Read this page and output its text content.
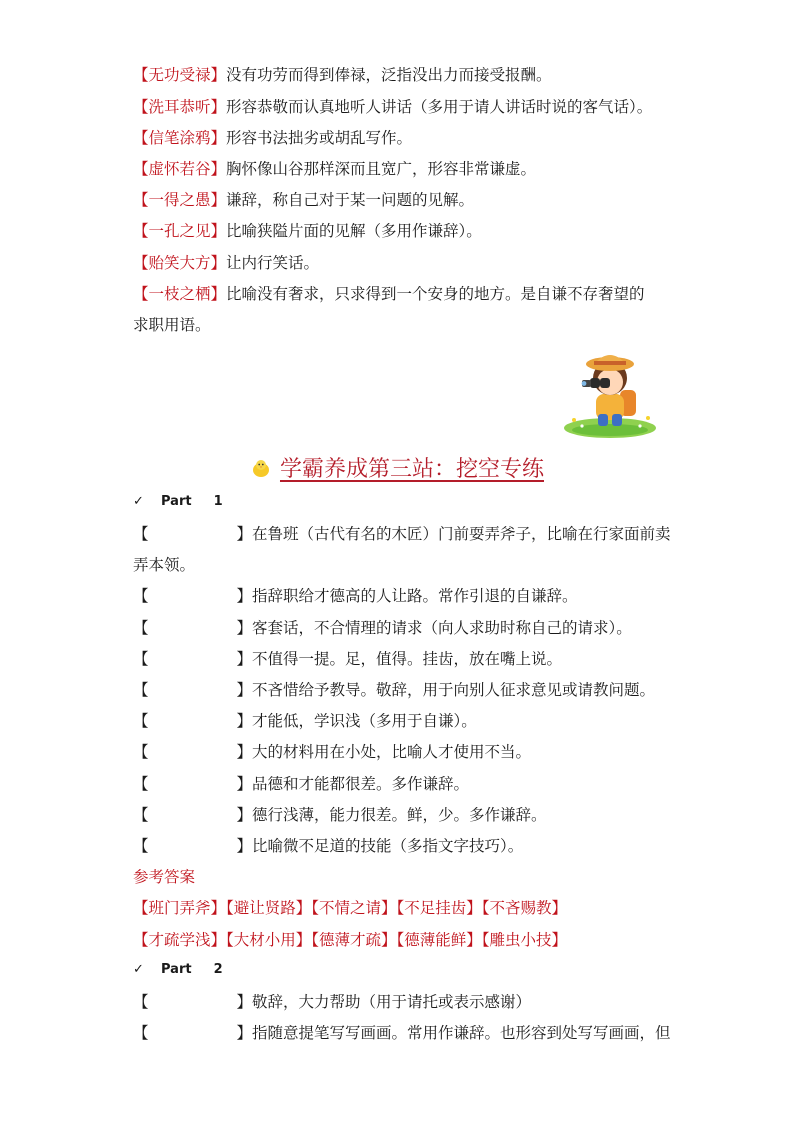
【无功受禄】没有功劳而得到俸禄，泛指没出力而接受报酬。
【洗耳恭听】形容恭敬而认真地听人讲话（多用于请人讲话时说的客气话）。
【信笔涂鸦】形容书法拙劣或胡乱写作。
【虚怀若谷】胸怀像山谷那样深而且宽广，形容非常谦虚。
【一得之愚】谦辞，称自己对于某一问题的见解。
【一孔之见】比喻狭隘片面的见解（多用作谦辞）。
【贻笑大方】让内行笑话。
【一枝之栖】比喻没有奢求，只求得到一个安身的地方。是自谦不存奢望的
求职用语。
学霸养成第三站：挖空专练
✓ Part 1
【	】在鲁班（古代有名的木匠）门前耍弄斧子，比喻在行家面前卖
弄本领。
【	】指辞职给才德高的人让路。常作引退的自谦辞。
【	】客套话，不合情理的请求（向人求助时称自己的请求）。
【	】不值得一提。足，值得。挂齿，放在嘴上说。
【	】不吝惜给予教导。敬辞，用于向别人征求意见或请教问题。
【	】才能低，学识浅（多用于自谦）。
【	】大的材料用在小处，比喻人才使用不当。
【	】品德和才能都很差。多作谦辞。
【	】德行浅薄，能力很差。鲜，少。多作谦辞。
【	】比喻微不足道的技能（多指文字技巧）。
参考答案
【班门弄斧】【避让贤路】【不情之请】【不足挂齿】【不吝赐教】
【才疏学浅】【大材小用】【德薄才疏】【德薄能鲜】【雕虫小技】
✓ Part 2
【	】敬辞，大力帮助（用于请托或表示感谢）
【	】指随意提笔写写画画。常用作谦辞。也形容到处写写画画，但
